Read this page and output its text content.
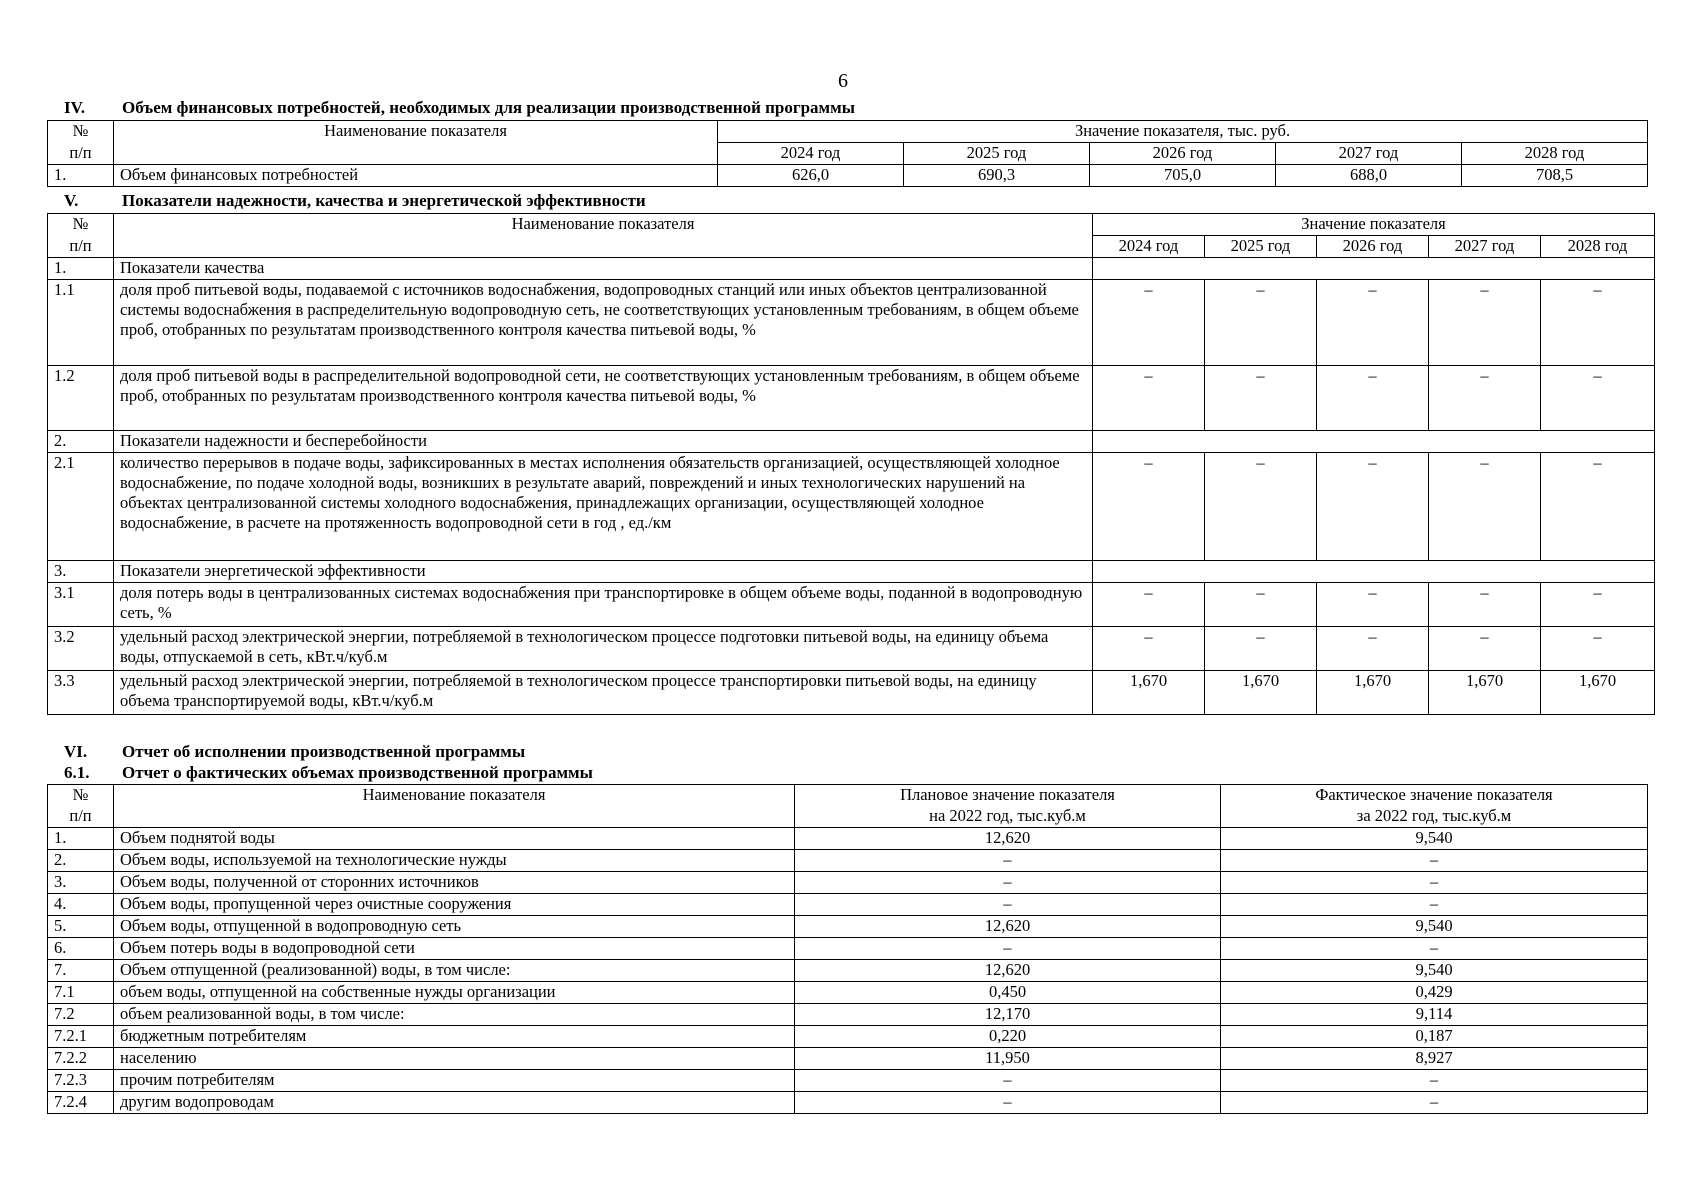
6
IV. Объем финансовых потребностей, необходимых для реализации производственной программы
№	Наименование показателя	Значение показателя, тыс. руб.				
п/п		2024 год	2025 год	2026 год	2027 год	2028 год
1.	Объем финансовых потребностей	626,0	690,3	705,0	688,0	708,5
V.	Показатели надежности, качества и энергетической эффективности
№	Наименование показателя	Значение показателя				
п/п		2024 год	2025 год	2026 год	2027 год	2028 год
1.	Показатели качества					
1.1	доля проб питьевой воды, подаваемой с источников водоснабжения, водопроводных станций или иных объектов централизованной системы водоснабжения в распределительную водопроводную сеть, не соответствующих установленным требованиям, в общем объеме проб, отобранных по результатам производственного контроля качества питьевой воды, %	–	–	–	–	–
1.2	доля проб питьевой воды в распределительной водопроводной сети, не соответствующих установленным требованиям, в общем объеме проб, отобранных по результатам производственного контроля качества питьевой воды, %	–	–	–	–	–
2.	Показатели надежности и бесперебойности					
2.1	количество перерывов в подаче воды, зафиксированных в местах исполнения обязательств организацией, осуществляющей холодное водоснабжение, по подаче холодной воды, возникших в результате аварий, повреждений и иных технологических нарушений на объектах централизованной системы холодного водоснабжения, принадлежащих организации, осуществляющей холодное водоснабжение, в расчете на протяженность водопроводной сети в год , ед./км	–	–	–	–	–
3.	Показатели энергетической эффективности					
3.1	доля потерь воды в централизованных системах водоснабжения при транспортировке в общем объеме воды, поданной в водопроводную сеть, %	–	–	–	–	–
3.2	удельный расход электрической энергии, потребляемой в технологическом процессе подготовки питьевой воды, на единицу объема воды, отпускаемой в сеть, кВт.ч/куб.м	–	–	–	–	–
3.3	удельный расход электрической энергии, потребляемой в технологическом процессе транспортировки питьевой воды, на единицу объема транспортируемой воды, кВт.ч/куб.м	1,670	1,670	1,670	1,670	1,670
VI. Отчет об исполнении производственной программы
6.1. Отчет о фактических объемах производственной программы
№	Наименование показателя	Плановое значение показателя	Фактическое значение показателя
п/п		на 2022 год, тыс.куб.м	за 2022 год, тыс.куб.м
1.	Объем поднятой воды	12,620	9,540
2.	Объем воды, используемой на технологические нужды	–	–
3.	Объем воды, полученной от сторонних источников	–	–
4.	Объем воды, пропущенной через очистные сооружения	–	–
5.	Объем воды, отпущенной в водопроводную сеть	12,620	9,540
6.	Объем потерь воды в водопроводной сети	–	–
7.	Объем отпущенной (реализованной) воды, в том числе:	12,620	9,540
7.1	объем воды, отпущенной на собственные нужды организации	0,450	0,429
7.2	объем реализованной воды, в том числе:	12,170	9,114
7.2.1	бюджетным потребителям	0,220	0,187
7.2.2	населению	11,950	8,927
7.2.3	прочим потребителям	–	–
7.2.4	другим водопроводам	–	–
